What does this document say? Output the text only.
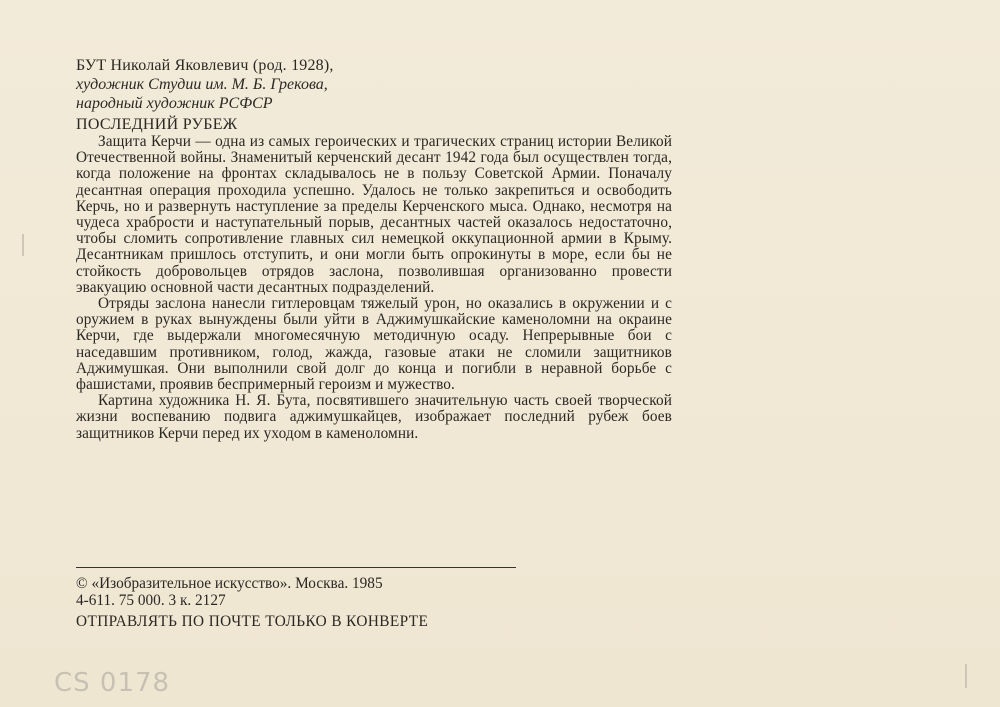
БУТ Николай Яковлевич (род. 1928),

художник Студии им. М. Б. Грекова,

народный художник РСФСР

ПОСЛЕДНИЙ РУБЕЖ

Защита Керчи — одна из самых героических и трагических страниц истории Великой Отечественной войны. Знаменитый керченский десант 1942 года был осуществлен тогда, когда положение на фронтах складывалось не в пользу Советской Армии. Поначалу десантная операция проходила успешно. Удалось не только закрепиться и освободить Керчь, но и развернуть наступление за пределы Керченского мыса. Однако, несмотря на чудеса храбрости и наступательный порыв, десантных частей оказалось недостаточно, чтобы сломить сопротивление главных сил немецкой оккупационной армии в Крыму. Десантникам пришлось отступить, и они могли быть опрокинуты в море, если бы не стойкость добровольцев отрядов заслона, позволившая организованно провести эвакуацию основной части десантных подразделений.

Отряды заслона нанесли гитлеровцам тяжелый урон, но оказались в окружении и с оружием в руках вынуждены были уйти в Аджимушкайские каменоломни на окраине Керчи, где выдержали многомесячную методичную осаду. Непрерывные бои с наседавшим противником, голод, жажда, газовые атаки не сломили защитников Аджимушкая. Они выполнили свой долг до конца и погибли в неравной борьбе с фашистами, проявив беспримерный героизм и мужество.

Картина художника Н. Я. Бута, посвятившего значительную часть своей творческой жизни воспеванию подвига аджимушкайцев, изображает последний рубеж боев защитников Керчи перед их уходом в каменоломни.

© «Изобразительное искусство». Москва. 1985
4-611. 75 000. 3 к. 2127
ОТПРАВЛЯТЬ ПО ПОЧТЕ ТОЛЬКО В КОНВЕРТЕ
CS 0178
